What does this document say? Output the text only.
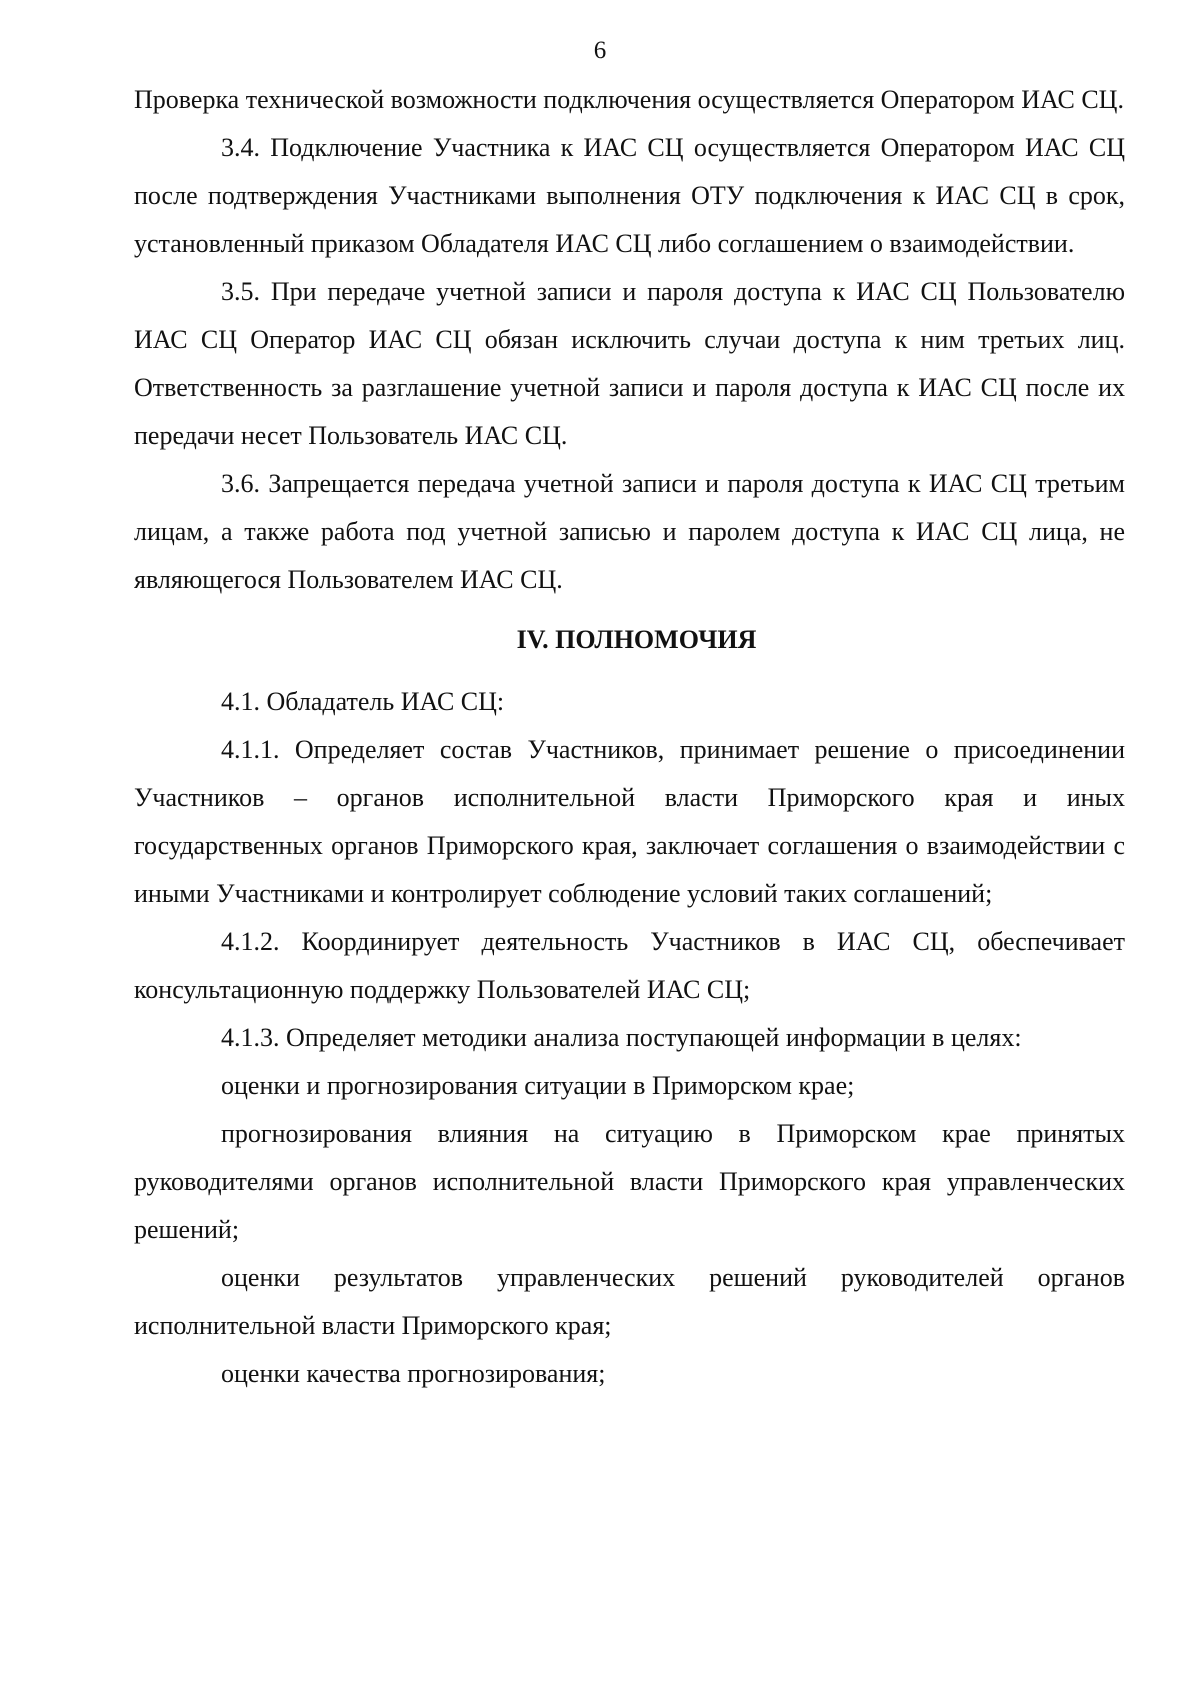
6

Проверка технической возможности подключения осуществляется Оператором ИАС СЦ.

3.4. Подключение Участника к ИАС СЦ осуществляется Оператором ИАС СЦ после подтверждения Участниками выполнения ОТУ подключения к ИАС СЦ в срок, установленный приказом Обладателя ИАС СЦ либо соглашением о взаимодействии.

3.5. При передаче учетной записи и пароля доступа к ИАС СЦ Пользователю ИАС СЦ Оператор ИАС СЦ обязан исключить случаи доступа к ним третьих лиц. Ответственность за разглашение учетной записи и пароля доступа к ИАС СЦ после их передачи несет Пользователь ИАС СЦ.

3.6. Запрещается передача учетной записи и пароля доступа к ИАС СЦ третьим лицам, а также работа под учетной записью и паролем доступа к ИАС СЦ лица, не являющегося Пользователем ИАС СЦ.

IV. ПОЛНОМОЧИЯ

4.1. Обладатель ИАС СЦ:

4.1.1. Определяет состав Участников, принимает решение о присоединении Участников – органов исполнительной власти Приморского края и иных государственных органов Приморского края, заключает соглашения о взаимодействии с иными Участниками и контролирует соблюдение условий таких соглашений;

4.1.2. Координирует деятельность Участников в ИАС СЦ, обеспечивает консультационную поддержку Пользователей ИАС СЦ;

4.1.3. Определяет методики анализа поступающей информации в целях:

оценки и прогнозирования ситуации в Приморском крае;

прогнозирования влияния на ситуацию в Приморском крае принятых руководителями органов исполнительной власти Приморского края управленческих решений;

оценки результатов управленческих решений руководителей органов исполнительной власти Приморского края;

оценки качества прогнозирования;
